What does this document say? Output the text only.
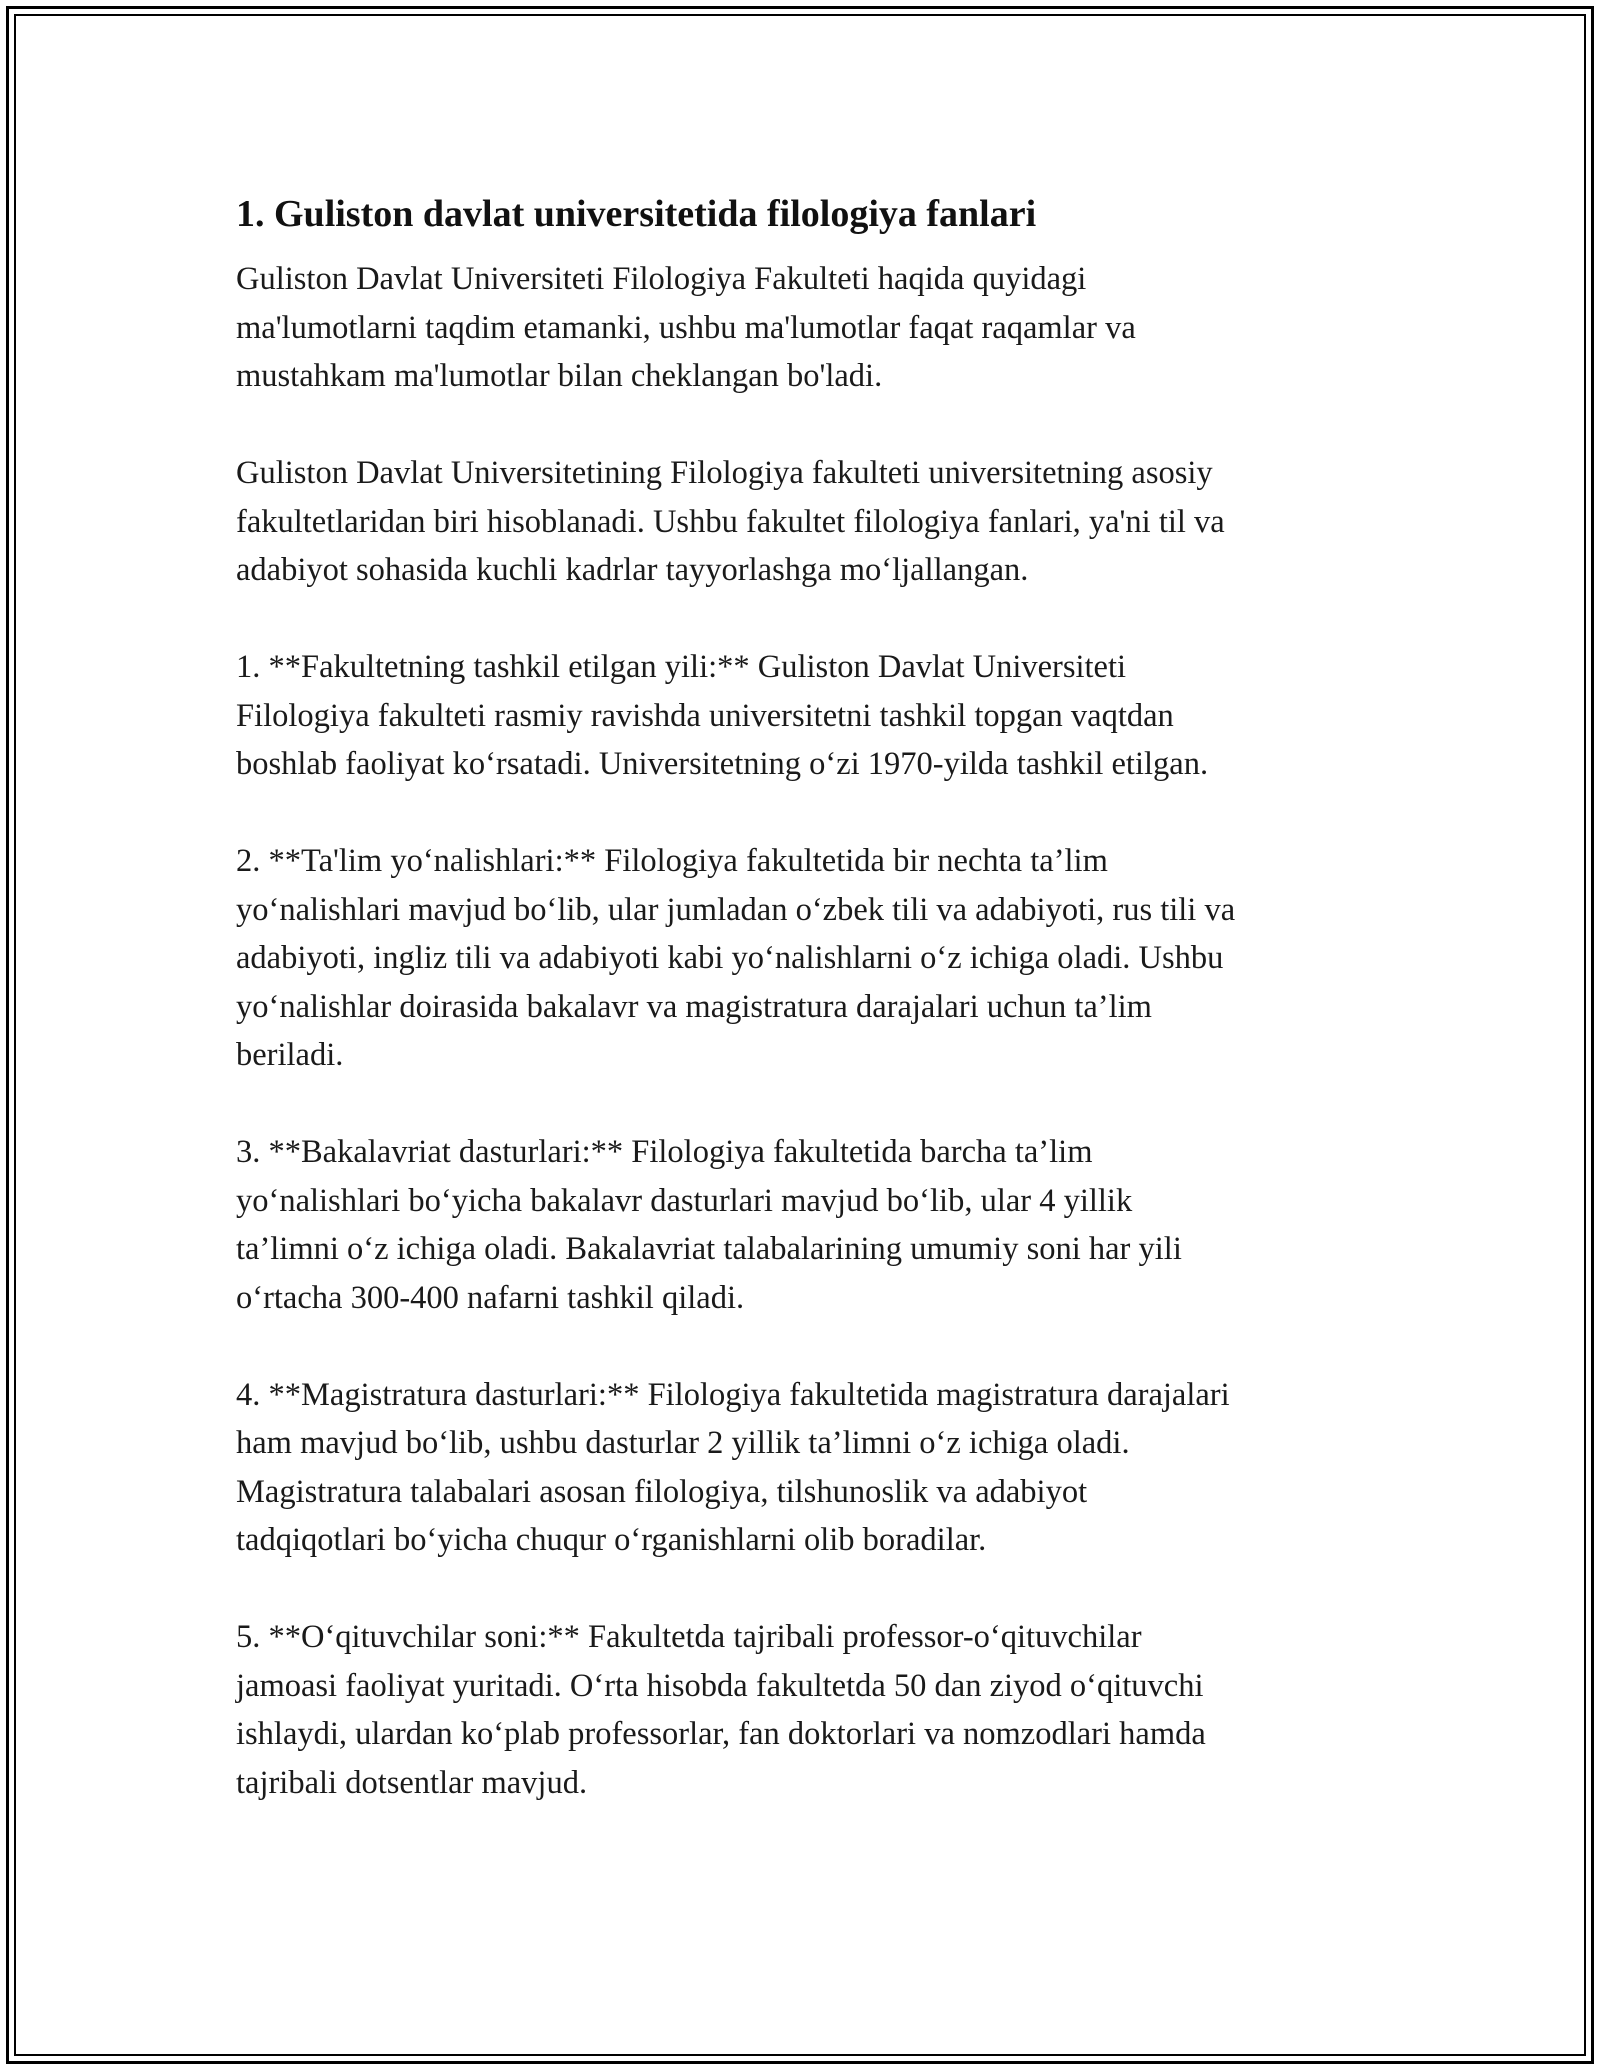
1. Guliston davlat universitetida filologiya fanlari

Guliston Davlat Universiteti Filologiya Fakulteti haqida quyidagi
ma'lumotlarni taqdim etamanki, ushbu ma'lumotlar faqat raqamlar va
mustahkam ma'lumotlar bilan cheklangan bo'ladi.

Guliston Davlat Universitetining Filologiya fakulteti universitetning asosiy
fakultetlaridan biri hisoblanadi. Ushbu fakultet filologiya fanlari, ya'ni til va
adabiyot sohasida kuchli kadrlar tayyorlashga mo‘ljallangan.

1. **Fakultetning tashkil etilgan yili:** Guliston Davlat Universiteti
Filologiya fakulteti rasmiy ravishda universitetni tashkil topgan vaqtdan
boshlab faoliyat ko‘rsatadi. Universitetning o‘zi 1970-yilda tashkil etilgan.

2. **Ta'lim yo‘nalishlari:** Filologiya fakultetida bir nechta ta’lim
yo‘nalishlari mavjud bo‘lib, ular jumladan o‘zbek tili va adabiyoti, rus tili va
adabiyoti, ingliz tili va adabiyoti kabi yo‘nalishlarni o‘z ichiga oladi. Ushbu
yo‘nalishlar doirasida bakalavr va magistratura darajalari uchun ta’lim
beriladi.

3. **Bakalavriat dasturlari:** Filologiya fakultetida barcha ta’lim
yo‘nalishlari bo‘yicha bakalavr dasturlari mavjud bo‘lib, ular 4 yillik
ta’limni o‘z ichiga oladi. Bakalavriat talabalarining umumiy soni har yili
o‘rtacha 300-400 nafarni tashkil qiladi.

4. **Magistratura dasturlari:** Filologiya fakultetida magistratura darajalari
ham mavjud bo‘lib, ushbu dasturlar 2 yillik ta’limni o‘z ichiga oladi.
Magistratura talabalari asosan filologiya, tilshunoslik va adabiyot
tadqiqotlari bo‘yicha chuqur o‘rganishlarni olib boradilar.

5. **O‘qituvchilar soni:** Fakultetda tajribali professor-o‘qituvchilar
jamoasi faoliyat yuritadi. O‘rta hisobda fakultetda 50 dan ziyod o‘qituvchi
ishlaydi, ulardan ko‘plab professorlar, fan doktorlari va nomzodlari hamda
tajribali dotsentlar mavjud.
